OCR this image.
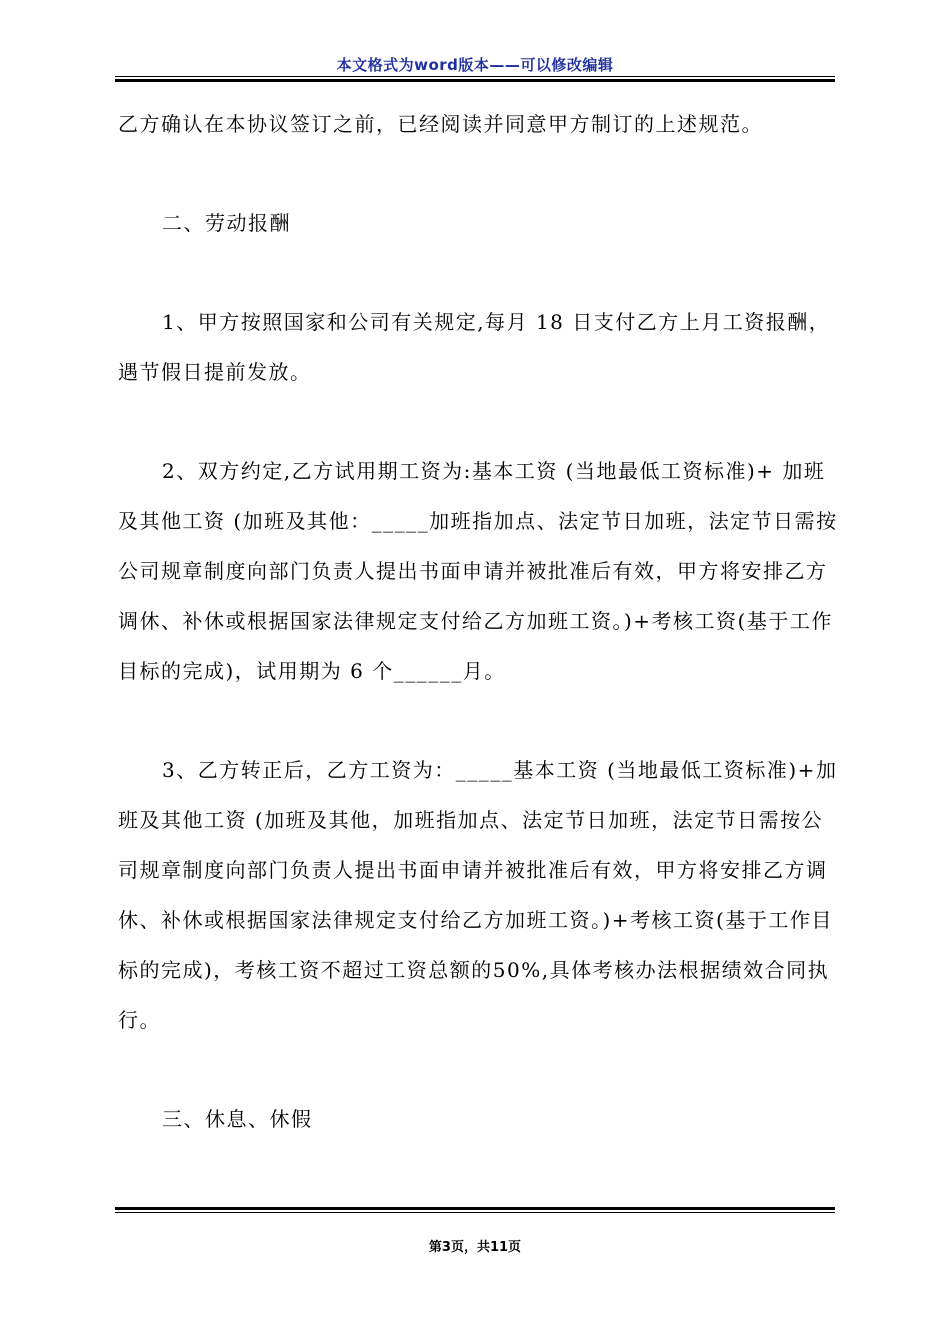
本文格式为word版本——可以修改编辑

乙方确认在本协议签订之前，已经阅读并同意甲方制订的上述规范。

二、劳动报酬

1、甲方按照国家和公司有关规定,每月 18 日支付乙方上月工资报酬，遇节假日提前发放。

2、双方约定,乙方试用期工资为:基本工资 (当地最低工资标准)+ 加班及其他工资 (加班及其他：_____加班指加点、法定节日加班，法定节日需按公司规章制度向部门负责人提出书面申请并被批准后有效，甲方将安排乙方调休、补休或根据国家法律规定支付给乙方加班工资。)+考核工资(基于工作目标的完成)，试用期为 6 个______月。

3、乙方转正后，乙方工资为：_____基本工资 (当地最低工资标准)+加班及其他工资 (加班及其他，加班指加点、法定节日加班，法定节日需按公司规章制度向部门负责人提出书面申请并被批准后有效，甲方将安排乙方调休、补休或根据国家法律规定支付给乙方加班工资。)+考核工资(基于工作目标的完成)，考核工资不超过工资总额的50%,具体考核办法根据绩效合同执行。

三、休息、休假

第3页，共11页
